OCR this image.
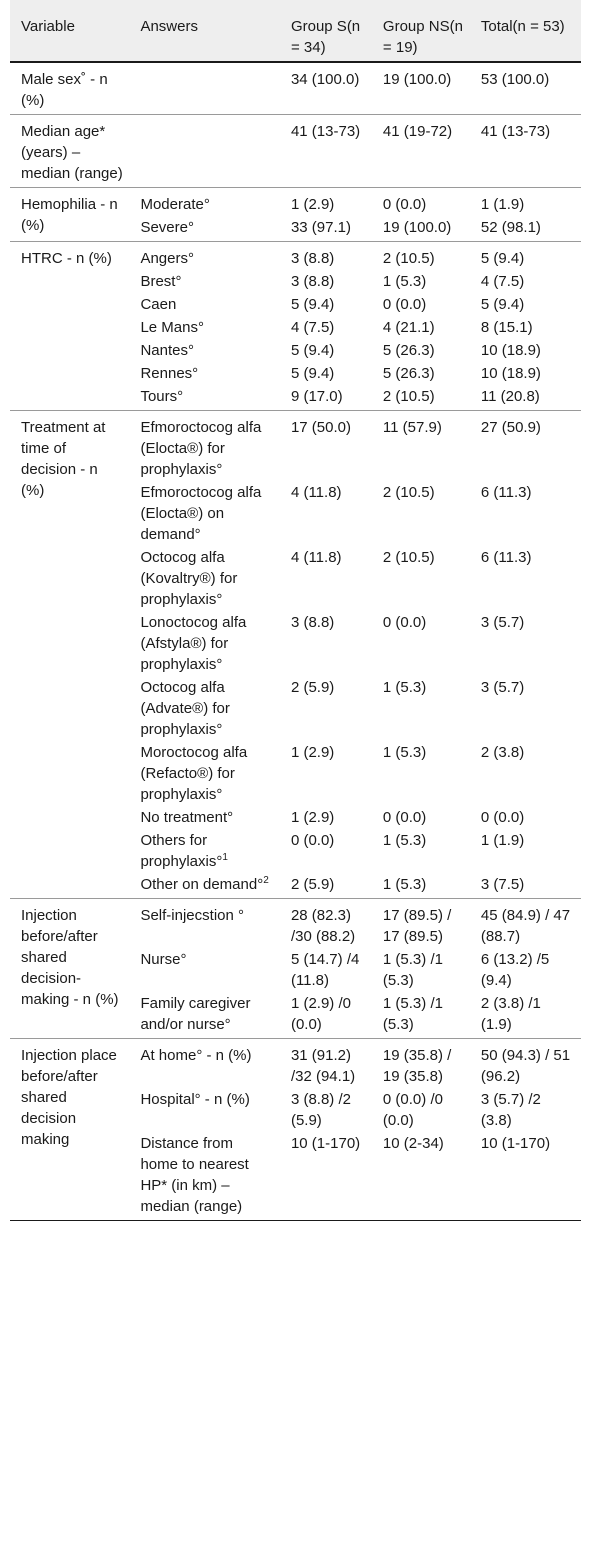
Variable	Answers	Group S(n = 34)	Group NS(n = 19)	Total(n = 53)
Male sex˚ - n (%)		34 (100.0)	19 (100.0)	53 (100.0)
Median age* (years) – median (range)		41 (13-73)	41 (19-72)	41 (13-73)
Hemophilia - n (%)	Moderate°	1 (2.9)	0 (0.0)	1 (1.9)
	Severe°	33 (97.1)	19 (100.0)	52 (98.1)
HTRC - n (%)	Angers°	3 (8.8)	2 (10.5)	5 (9.4)
	Brest°	3 (8.8)	1 (5.3)	4 (7.5)
	Caen	5 (9.4)	0 (0.0)	5 (9.4)
	Le Mans°	4 (7.5)	4 (21.1)	8 (15.1)
	Nantes°	5 (9.4)	5 (26.3)	10 (18.9)
	Rennes°	5 (9.4)	5 (26.3)	10 (18.9)
	Tours°	9 (17.0)	2 (10.5)	11 (20.8)
Treatment at time of decision - n (%)	Efmoroctocog alfa (Elocta®) for prophylaxis°	17 (50.0)	11 (57.9)	27 (50.9)
	Efmoroctocog alfa (Elocta®) on demand°	4 (11.8)	2 (10.5)	6 (11.3)
	Octocog alfa (Kovaltry®) for prophylaxis°	4 (11.8)	2 (10.5)	6 (11.3)
	Lonoctocog alfa (Afstyla®) for prophylaxis°	3 (8.8)	0 (0.0)	3 (5.7)
	Octocog alfa (Advate®) for prophylaxis°	2 (5.9)	1 (5.3)	3 (5.7)
	Moroctocog alfa (Refacto®) for prophylaxis°	1 (2.9)	1 (5.3)	2 (3.8)
	No treatment°	1 (2.9)	0 (0.0)	0 (0.0)
	Others for prophylaxis°$^1$	0 (0.0)	1 (5.3)	1 (1.9)
	Other on demand°$^2$	2 (5.9)	1 (5.3)	3 (7.5)
Injection before/after shared decision-making - n (%)	Self-injecstion °	28 (82.3) /30 (88.2)	17 (89.5) / 17 (89.5)	45 (84.9) / 47 (88.7)
	Nurse°	5 (14.7) /4 (11.8)	1 (5.3) /1 (5.3)	6 (13.2) /5 (9.4)
	Family caregiver and/or nurse°	1 (2.9) /0 (0.0)	1 (5.3) /1 (5.3)	2 (3.8) /1 (1.9)
Injection place before/after shared decision making	At home° - n (%)	31 (91.2) /32 (94.1)	19 (35.8) / 19 (35.8)	50 (94.3) / 51 (96.2)
	Hospital° - n (%)	3 (8.8) /2 (5.9)	0 (0.0) /0 (0.0)	3 (5.7) /2 (3.8)
	Distance from home to nearest HP* (in km) – median (range)	10 (1-170)	10 (2-34)	10 (1-170)
